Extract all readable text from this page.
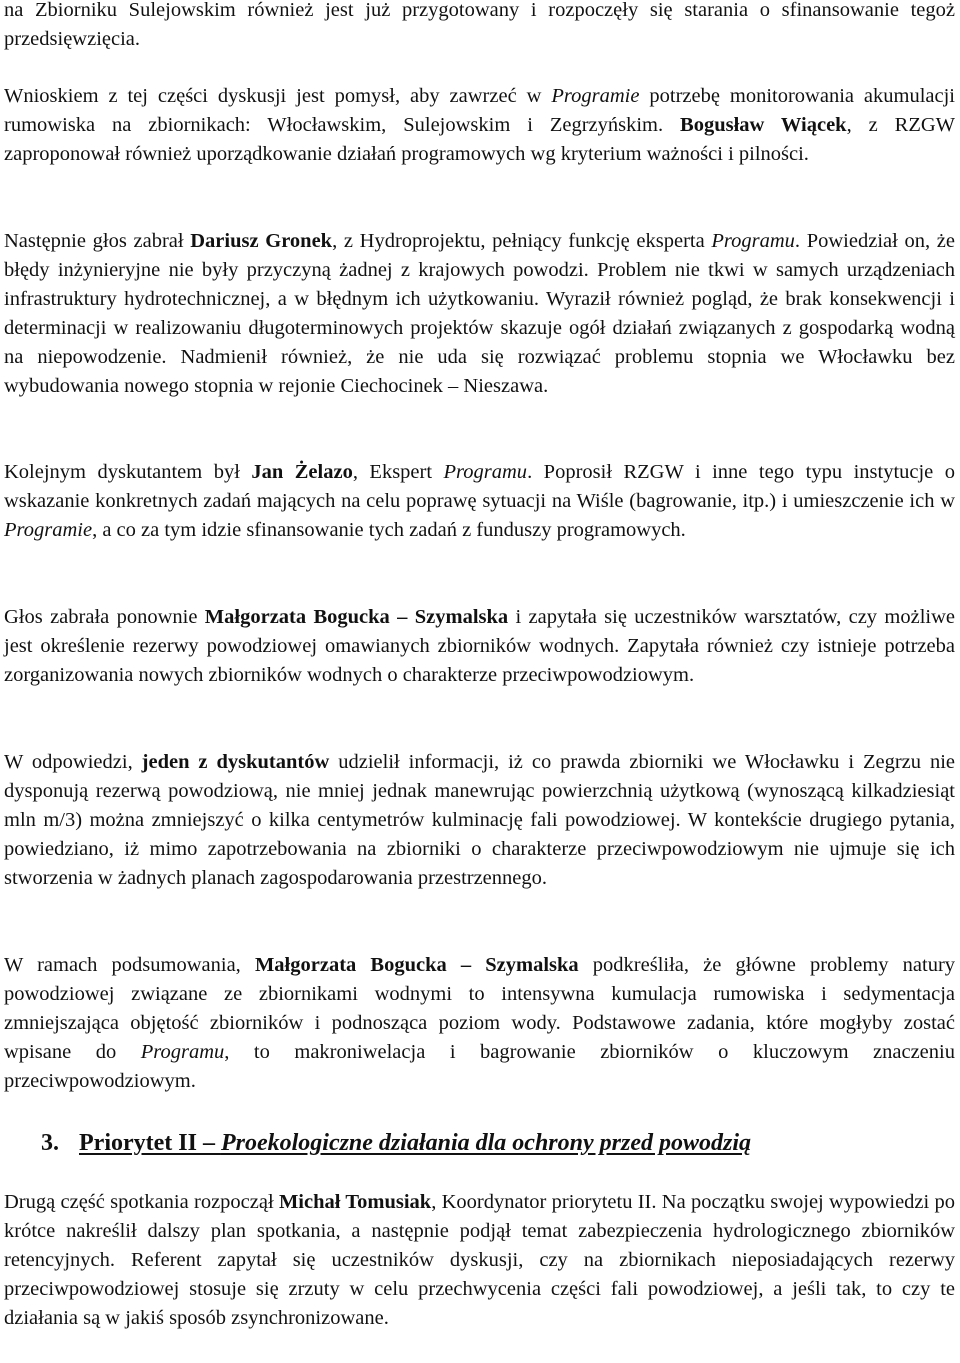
na Zbiorniku Sulejowskim również jest już przygotowany i rozpoczęły się starania o sfinansowanie tegoż przedsięwzięcia.

Wnioskiem z tej części dyskusji jest pomysł, aby zawrzeć w Programie potrzebę monitorowania akumulacji rumowiska na zbiornikach: Włocławskim, Sulejowskim i Zegrzyńskim. Bogusław Wiącek, z RZGW zaproponował również uporządkowanie działań programowych wg kryterium ważności i pilności.

Następnie głos zabrał Dariusz Gronek, z Hydroprojektu, pełniący funkcję eksperta Programu. Powiedział on, że błędy inżynieryjne nie były przyczyną żadnej z krajowych powodzi. Problem nie tkwi w samych urządzeniach infrastruktury hydrotechnicznej, a w błędnym ich użytkowaniu. Wyraził również pogląd, że brak konsekwencji i determinacji w realizowaniu długoterminowych projektów skazuje ogół działań związanych z gospodarką wodną na niepowodzenie. Nadmienił również, że nie uda się rozwiązać problemu stopnia we Włocławku bez wybudowania nowego stopnia w rejonie Ciechocinek – Nieszawa.

Kolejnym dyskutantem był Jan Żelazo, Ekspert Programu. Poprosił RZGW i inne tego typu instytucje o wskazanie konkretnych zadań mających na celu poprawę sytuacji na Wiśle (bagrowanie, itp.) i umieszczenie ich w Programie, a co za tym idzie sfinansowanie tych zadań z funduszy programowych.

Głos zabrała ponownie Małgorzata Bogucka – Szymalska i zapytała się uczestników warsztatów, czy możliwe jest określenie rezerwy powodziowej omawianych zbiorników wodnych. Zapytała również czy istnieje potrzeba zorganizowania nowych zbiorników wodnych o charakterze przeciwpowodziowym.

W odpowiedzi, jeden z dyskutantów udzielił informacji, iż co prawda zbiorniki we Włocławku i Zegrzu nie dysponują rezerwą powodziową, nie mniej jednak manewrując powierzchnią użytkową (wynoszącą kilkadziesiąt mln m/3) można zmniejszyć o kilka centymetrów kulminację fali powodziowej. W kontekście drugiego pytania, powiedziano, iż mimo zapotrzebowania na zbiorniki o charakterze przeciwpowodziowym nie ujmuje się ich stworzenia w żadnych planach zagospodarowania przestrzennego.

W ramach podsumowania, Małgorzata Bogucka – Szymalska podkreśliła, że główne problemy natury powodziowej związane ze zbiornikami wodnymi to intensywna kumulacja rumowiska i sedymentacja zmniejszająca objętość zbiorników i podnosząca poziom wody. Podstawowe zadania, które mogłyby zostać wpisane do Programu, to makroniwelacja i bagrowanie zbiorników o kluczowym znaczeniu przeciwpowodziowym.

3. Priorytet II – Proekologiczne działania dla ochrony przed powodzią

Drugą część spotkania rozpoczął Michał Tomusiak, Koordynator priorytetu II. Na początku swojej wypowiedzi po krótce nakreślił dalszy plan spotkania, a następnie podjął temat zabezpieczenia hydrologicznego zbiorników retencyjnych. Referent zapytał się uczestników dyskusji, czy na zbiornikach nieposiadających rezerwy przeciwpowodziowej stosuje się zrzuty w celu przechwycenia części fali powodziowej, a jeśli tak, to czy te działania są w jakiś sposób zsynchronizowane.
